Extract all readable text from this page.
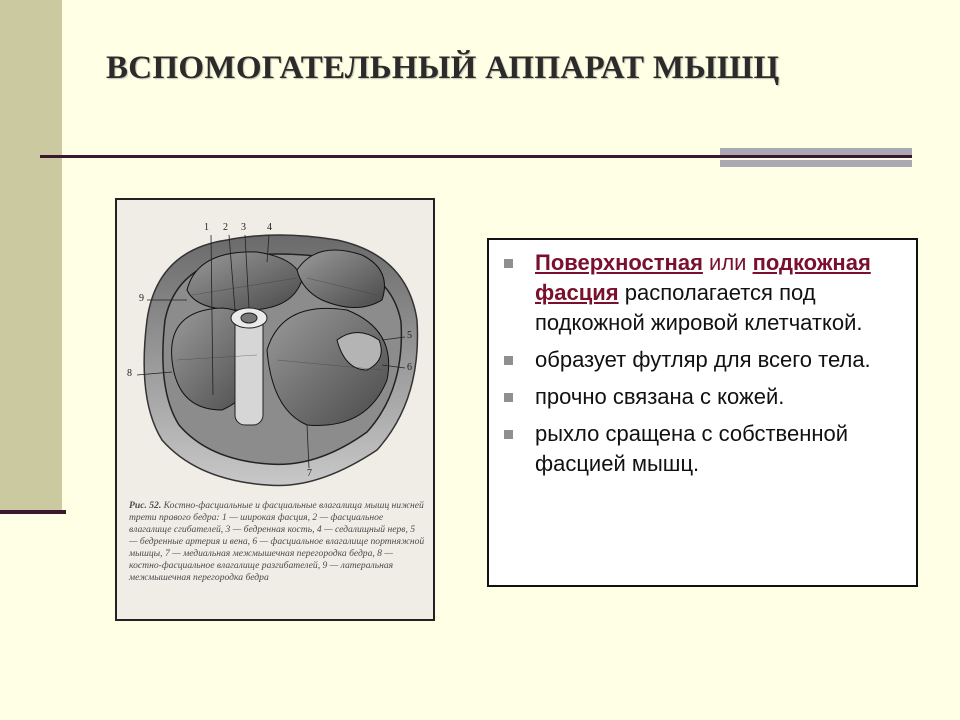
ВСПОМОГАТЕЛЬНЫЙ АППАРАТ МЫШЦ
1 2 3 4
5
6
7
8
9
Рис. 52. Костно-фасциальные и фасциальные влагалища мышц нижней трети правого бедра: 1 — широкая фасция, 2 — фасциальное влагалище сгибателей, 3 — бедренная кость, 4 — седалищный нерв, 5 — бедренные артерия и вена, 6 — фасциальное влагалище портняжной мышцы, 7 — медиальная межмышечная перегородка бедра, 8 — костно-фасциальное влагалище разгибателей, 9 — латеральная межмышечная перегородка бедра
Поверхностная или подкожная фасция располагается под подкожной жировой клетчаткой.
образует футляр для всего тела.
прочно связана с кожей.
рыхло сращена с собственной фасцией мышц.
